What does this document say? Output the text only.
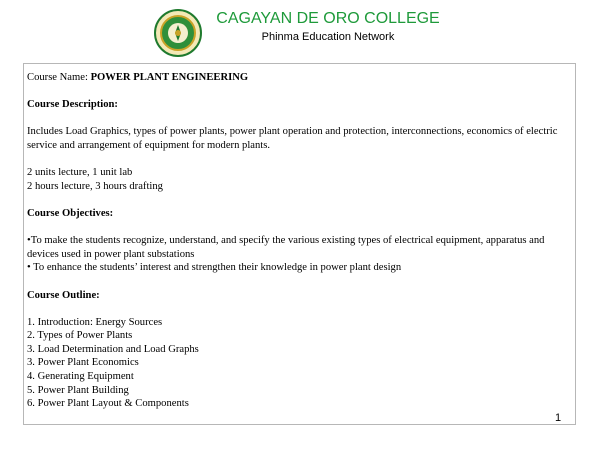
CAGAYAN DE ORO COLLEGE
Phinma Education Network

Course Name: POWER PLANT ENGINEERING

Course Description:

Includes Load Graphics, types of power plants, power plant operation and protection, interconnections, economics of electric service and arrangement of equipment for modern plants.

2 units lecture, 1 unit lab

2 hours lecture, 3 hours drafting

Course Objectives:

•To make the students recognize, understand, and specify the various existing types of electrical equipment, apparatus and devices used in power plant substations

• To enhance the students’ interest and strengthen their knowledge in power plant design

Course Outline:

1. Introduction: Energy Sources

2. Types of Power Plants

3. Load Determination and Load Graphs

3. Power Plant Economics

4. Generating Equipment

5. Power Plant Building

6. Power Plant Layout & Components

1
